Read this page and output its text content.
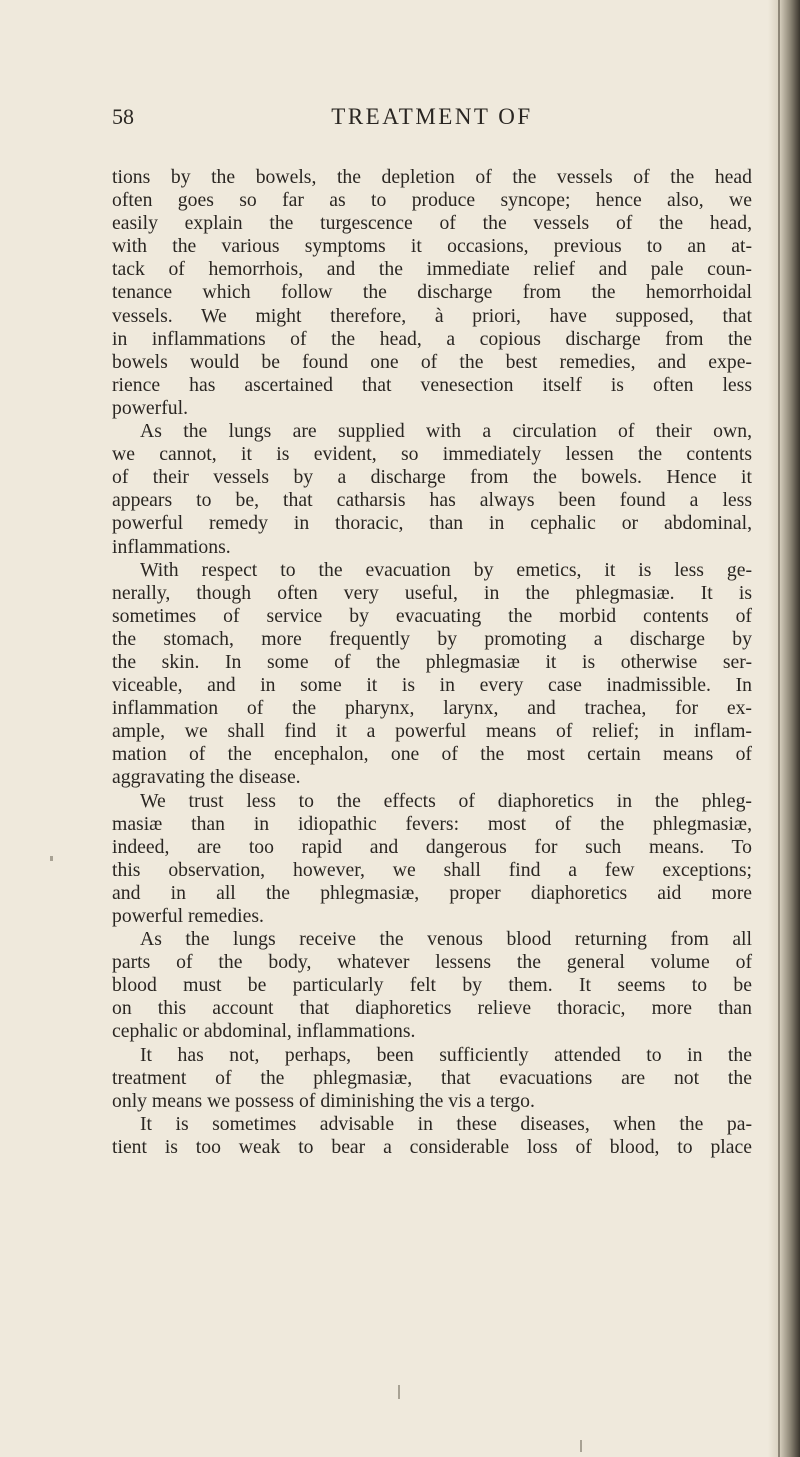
58	TREATMENT OF
tions by the bowels, the depletion of the vessels of the head
often goes so far as to produce syncope; hence also, we
easily explain the turgescence of the vessels of the head,
with the various symptoms it occasions, previous to an at-
tack of hemorrhois, and the immediate relief and pale coun-
tenance which follow the discharge from the hemorrhoidal
vessels. We might therefore, à priori, have supposed, that
in inflammations of the head, a copious discharge from the
bowels would be found one of the best remedies, and expe-
rience has ascertained that venesection itself is often less
powerful.
As the lungs are supplied with a circulation of their own,
we cannot, it is evident, so immediately lessen the contents
of their vessels by a discharge from the bowels. Hence it
appears to be, that catharsis has always been found a less
powerful remedy in thoracic, than in cephalic or abdominal,
inflammations.
With respect to the evacuation by emetics, it is less ge-
nerally, though often very useful, in the phlegmasiæ. It is
sometimes of service by evacuating the morbid contents of
the stomach, more frequently by promoting a discharge by
the skin. In some of the phlegmasiæ it is otherwise ser-
viceable, and in some it is in every case inadmissible. In
inflammation of the pharynx, larynx, and trachea, for ex-
ample, we shall find it a powerful means of relief; in inflam-
mation of the encephalon, one of the most certain means of
aggravating the disease.
We trust less to the effects of diaphoretics in the phleg-
masiæ than in idiopathic fevers: most of the phlegmasiæ,
indeed, are too rapid and dangerous for such means. To
this observation, however, we shall find a few exceptions;
and in all the phlegmasiæ, proper diaphoretics aid more
powerful remedies.
As the lungs receive the venous blood returning from all
parts of the body, whatever lessens the general volume of
blood must be particularly felt by them. It seems to be
on this account that diaphoretics relieve thoracic, more than
cephalic or abdominal, inflammations.
It has not, perhaps, been sufficiently attended to in the
treatment of the phlegmasiæ, that evacuations are not the
only means we possess of diminishing the vis a tergo.
It is sometimes advisable in these diseases, when the pa-
tient is too weak to bear a considerable loss of blood, to place
